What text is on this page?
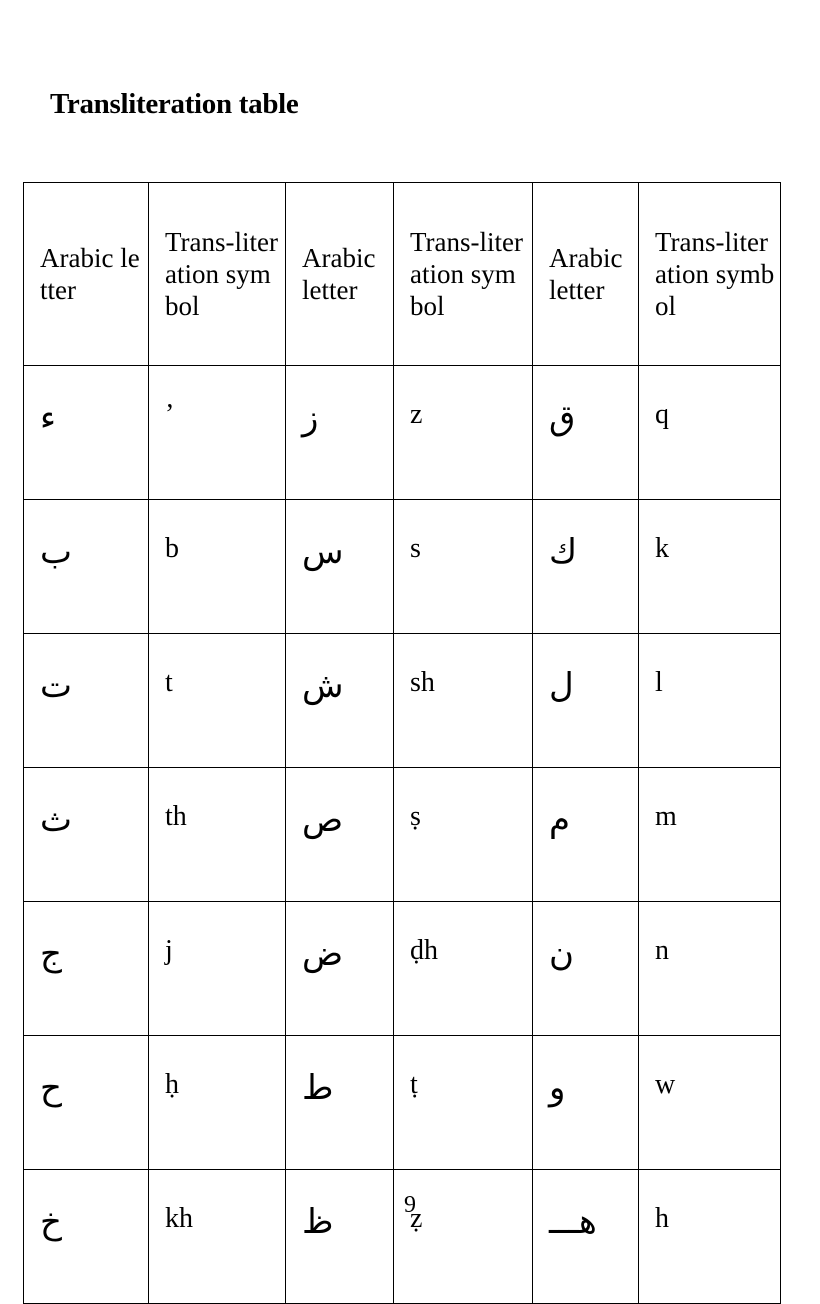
Transliteration table
Arabic letter	Trans-literation symbol	Arabic letter	Trans-literation symbol	Arabic letter	Trans-literation symbol
ء	’	ز	z	ق	q
ب	b	س	s	ك	k
ت	t	ش	sh	ل	l
ث	th	ص	ṣ	م	m
ج	j	ض	ḍh	ن	n
ح	ḥ	ط	ṭ	و	w
خ	kh	ظ	ẓ	هـــ	h
9
